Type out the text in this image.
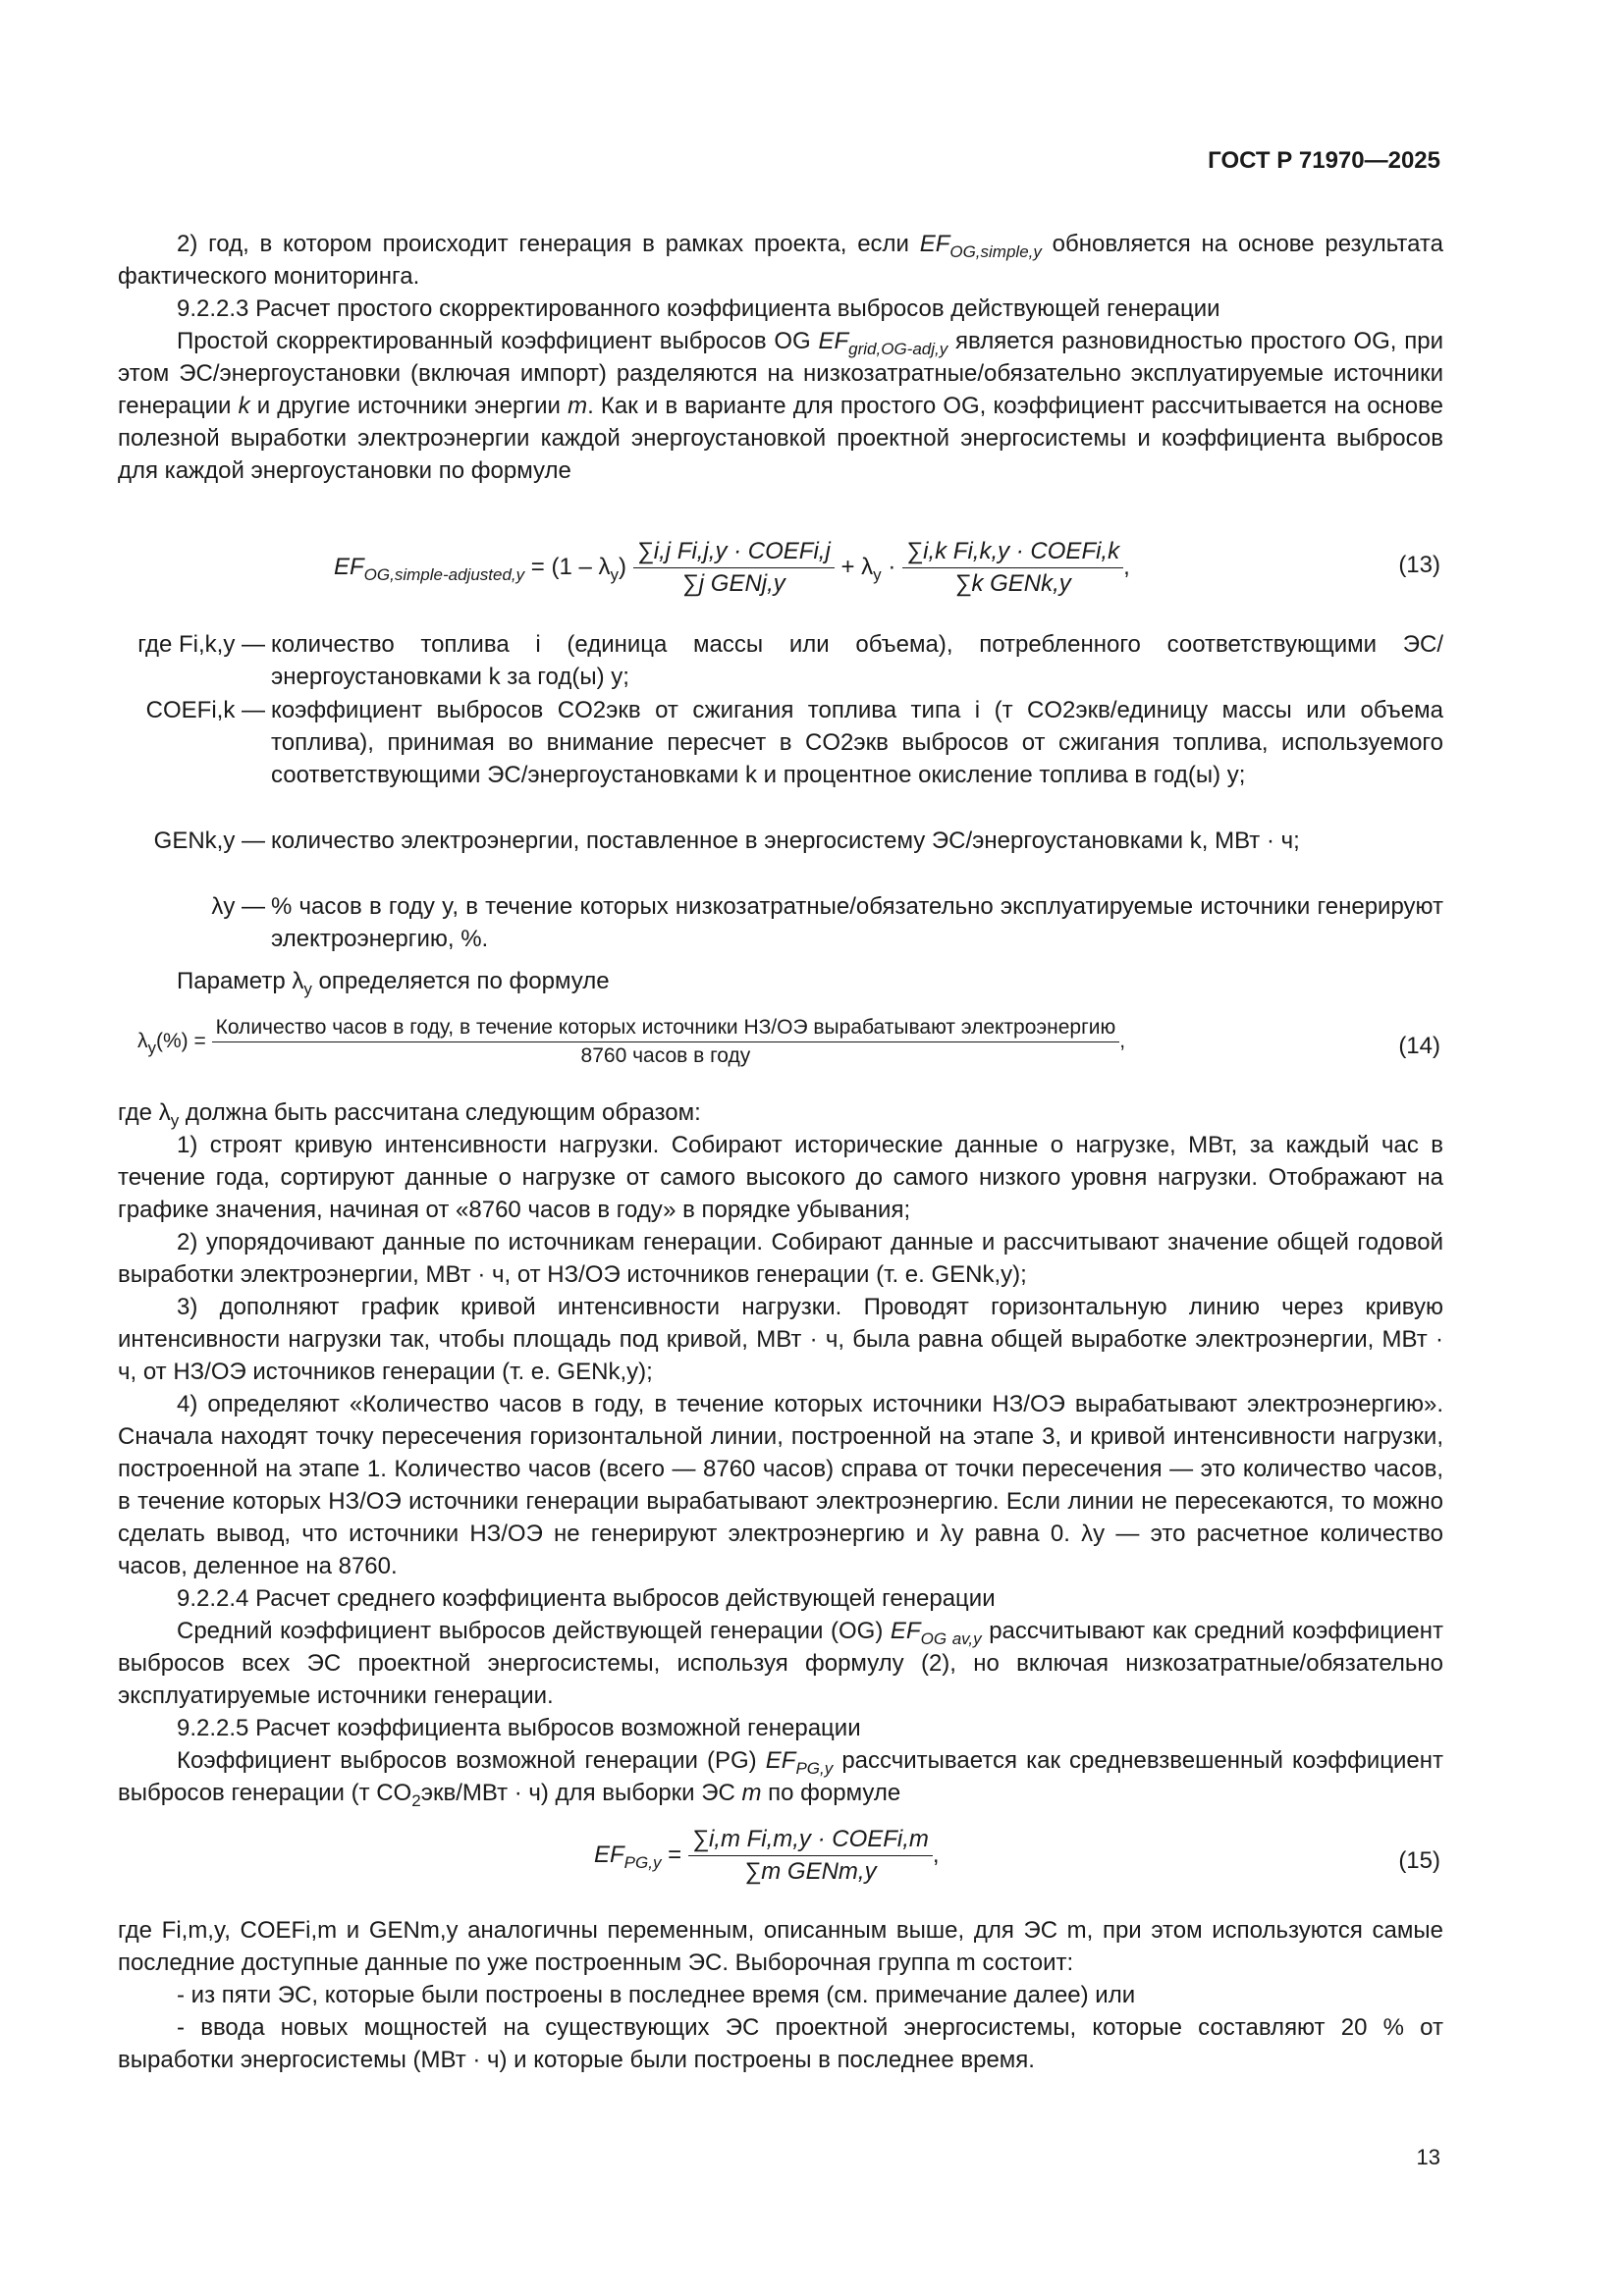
ГОСТ Р 71970—2025

2) год, в котором происходит генерация в рамках проекта, если $EF_{OG,simple,y}$ обновляется на основе результата фактического мониторинга.

9.2.2.3 Расчет простого скорректированного коэффициента выбросов действующей генерации

Простой скорректированный коэффициент выбросов OG $EF_{grid,OG-adj,y}$ является разновидностью простого OG, при этом ЭС/энергоустановки (включая импорт) разделяются на низкозатратные/обязательно эксплуатируемые источники генерации k и другие источники энергии m. Как и в варианте для простого OG, коэффициент рассчитывается на основе полезной выработки электроэнергии каждой энергоустановкой проектной энергосистемы и коэффициента выбросов для каждой энергоустановки по формуле

$EF_{OG,simple-adjusted,y} = (1 - \lambda_y) \frac{\text{∑i,j Fi,j,y · COEFi,j}}{\text{∑j GENj,y}} + \lambda_y \cdot \frac{\text{∑i,k Fi,k,y · COEFi,k}}{\text{∑k GENk,y}}$ ,	(13)
где Fi,k,y — количество топлива i (единица массы или объема), потребленного соответствующими ЭС/энергоустановками k за год(ы) y;
COEFi,k — коэффициент выбросов CO2экв от сжигания топлива типа i (т CO2экв/единицу массы или объема топлива), принимая во внимание пересчет в CO2экв выбросов от сжигания топлива, используемого соответствующими ЭС/энергоустановками k и процентное окисление топлива в год(ы) y;
GENk,y — количество электроэнергии, поставленное в энергосистему ЭС/энергоустановками k, МВт · ч;
λy — % часов в году y, в течение которых низкозатратные/обязательно эксплуатируемые источники генерируют электроэнергию, %.

Параметр $\lambda_y$ определяется по формуле

$\lambda_y(\%)$ =
Количество часов в году, в течение которых источники НЗ/ОЭ вырабатывают электроэнергию
8760 часов в году
,	(14)

где $\lambda_y$ должна быть рассчитана следующим образом:

1) строят кривую интенсивности нагрузки. Собирают исторические данные о нагрузке, МВт, за каждый час в течение года, сортируют данные о нагрузке от самого высокого до самого низкого уровня нагрузки. Отображают на графике значения, начиная от «8760 часов в году» в порядке убывания;

2) упорядочивают данные по источникам генерации. Собирают данные и рассчитывают значение общей годовой выработки электроэнергии, МВт · ч, от НЗ/ОЭ источников генерации (т. е. GENk,y);

3) дополняют график кривой интенсивности нагрузки. Проводят горизонтальную линию через кривую интенсивности нагрузки так, чтобы площадь под кривой, МВт · ч, была равна общей выработке электроэнергии, МВт · ч, от НЗ/ОЭ источников генерации (т. е. GENk,y);

4) определяют «Количество часов в году, в течение которых источники НЗ/ОЭ вырабатывают электроэнергию». Сначала находят точку пересечения горизонтальной линии, построенной на этапе 3, и кривой интенсивности нагрузки, построенной на этапе 1. Количество часов (всего — 8760 часов) справа от точки пересечения — это количество часов, в течение которых НЗ/ОЭ источники генерации вырабатывают электроэнергию. Если линии не пересекаются, то можно сделать вывод, что источники НЗ/ОЭ не генерируют электроэнергию и λy равна 0. λy — это расчетное количество часов, деленное на 8760.

9.2.2.4 Расчет среднего коэффициента выбросов действующей генерации

Средний коэффициент выбросов действующей генерации (OG) $EF_{OG av,y}$ рассчитывают как средний коэффициент выбросов всех ЭС проектной энергосистемы, используя формулу (2), но включая низкозатратные/обязательно эксплуатируемые источники генерации.

9.2.2.5 Расчет коэффициента выбросов возможной генерации

Коэффициент выбросов возможной генерации (PG) $EF_{PG,y}$ рассчитывается как средневзвешенный коэффициент выбросов генерации (т $CO_2экв$/МВт · ч) для выборки ЭС m по формуле

$EF_{PG,y} = \frac{\text{∑i,m Fi,m,y · COEFi,m}}{\text{∑m GENm,y}}$ ,	(15)

где Fi,m,y, COEFi,m и GENm,y аналогичны переменным, описанным выше, для ЭС m, при этом используются самые последние доступные данные по уже построенным ЭС. Выборочная группа m состоит:

- из пяти ЭС, которые были построены в последнее время (см. примечание далее) или

- ввода новых мощностей на существующих ЭС проектной энергосистемы, которые составляют 20 % от выработки энергосистемы (МВт · ч) и которые были построены в последнее время.

13
